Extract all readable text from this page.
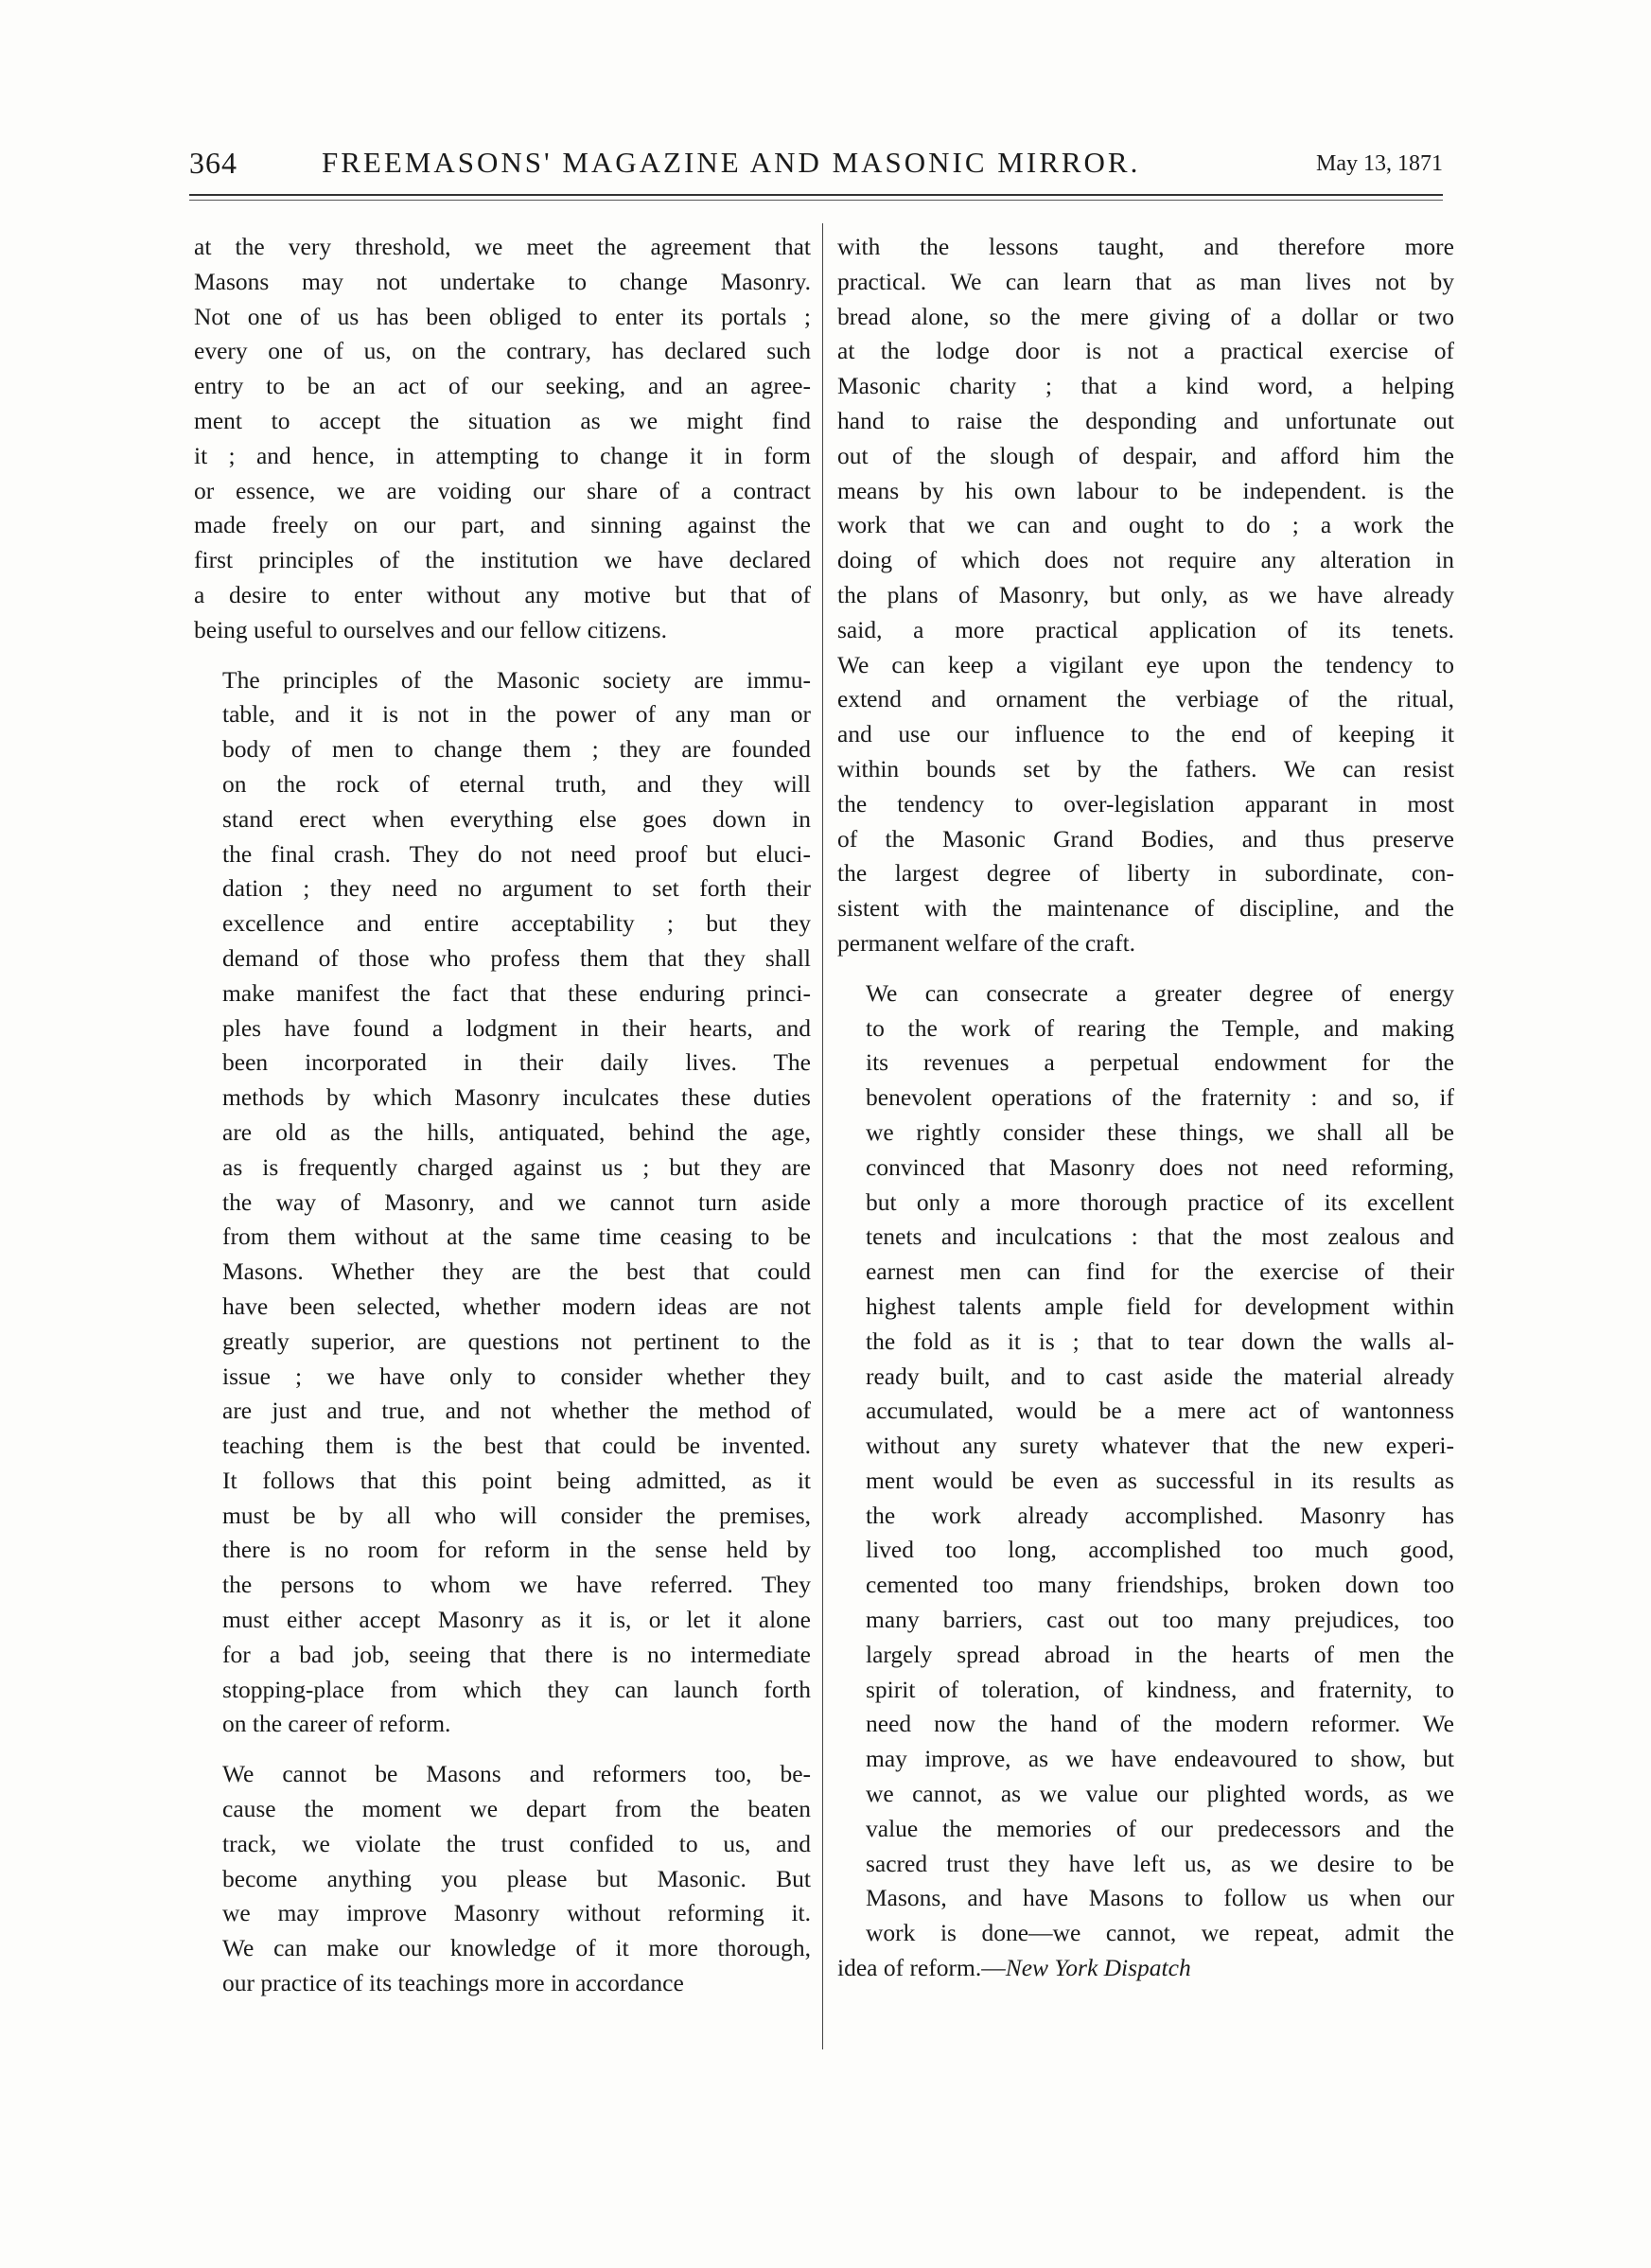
364	FREEMASONS' MAGAZINE AND MASONIC MIRROR.	May 13, 1871

at the very threshold, we meet the agreement that
Masons may not undertake to change Masonry.
Not one of us has been obliged to enter its portals ;
every one of us, on the contrary, has declared such
entry to be an act of our seeking, and an agree-
ment to accept the situation as we might find
it ; and hence, in attempting to change it in form
or essence, we are voiding our share of a contract
made freely on our part, and sinning against the
first principles of the institution we have declared
a desire to enter without any motive but that of
being useful to ourselves and our fellow citizens.

The principles of the Masonic society are immu-
table, and it is not in the power of any man or
body of men to change them ; they are founded
on the rock of eternal truth, and they will
stand erect when everything else goes down in
the final crash. They do not need proof but eluci-
dation ; they need no argument to set forth their
excellence and entire acceptability ; but they
demand of those who profess them that they shall
make manifest the fact that these enduring princi-
ples have found a lodgment in their hearts, and
been incorporated in their daily lives. The
methods by which Masonry inculcates these duties
are old as the hills, antiquated, behind the age,
as is frequently charged against us ; but they are
the way of Masonry, and we cannot turn aside
from them without at the same time ceasing to be
Masons. Whether they are the best that could
have been selected, whether modern ideas are not
greatly superior, are questions not pertinent to the
issue ; we have only to consider whether they
are just and true, and not whether the method of
teaching them is the best that could be invented.
It follows that this point being admitted, as it
must be by all who will consider the premises,
there is no room for reform in the sense held by
the persons to whom we have referred. They
must either accept Masonry as it is, or let it alone
for a bad job, seeing that there is no intermediate
stopping-place from which they can launch forth
on the career of reform.

We cannot be Masons and reformers too, be-
cause the moment we depart from the beaten
track, we violate the trust confided to us, and
become anything you please but Masonic. But
we may improve Masonry without reforming it.
We can make our knowledge of it more thorough,
our practice of its teachings more in accordance

with the lessons taught, and therefore more
practical. We can learn that as man lives not by
bread alone, so the mere giving of a dollar or two
at the lodge door is not a practical exercise of
Masonic charity ; that a kind word, a helping
hand to raise the desponding and unfortunate out
out of the slough of despair, and afford him the
means by his own labour to be independent. is the
work that we can and ought to do ; a work the
doing of which does not require any alteration in
the plans of Masonry, but only, as we have already
said, a more practical application of its tenets.
We can keep a vigilant eye upon the tendency to
extend and ornament the verbiage of the ritual,
and use our influence to the end of keeping it
within bounds set by the fathers. We can resist
the tendency to over-legislation apparant in most
of the Masonic Grand Bodies, and thus preserve
the largest degree of liberty in subordinate, con-
sistent with the maintenance of discipline, and the
permanent welfare of the craft.

We can consecrate a greater degree of energy
to the work of rearing the Temple, and making
its revenues a perpetual endowment for the
benevolent operations of the fraternity : and so, if
we rightly consider these things, we shall all be
convinced that Masonry does not need reforming,
but only a more thorough practice of its excellent
tenets and inculcations : that the most zealous and
earnest men can find for the exercise of their
highest talents ample field for development within
the fold as it is ; that to tear down the walls al-
ready built, and to cast aside the material already
accumulated, would be a mere act of wantonness
without any surety whatever that the new experi-
ment would be even as successful in its results as
the work already accomplished. Masonry has
lived too long, accomplished too much good,
cemented too many friendships, broken down too
many barriers, cast out too many prejudices, too
largely spread abroad in the hearts of men the
spirit of toleration, of kindness, and fraternity, to
need now the hand of the modern reformer. We
may improve, as we have endeavoured to show, but
we cannot, as we value our plighted words, as we
value the memories of our predecessors and the
sacred trust they have left us, as we desire to be
Masons, and have Masons to follow us when our
work is done—we cannot, we repeat, admit the

idea of reform.—New York Dispatch
